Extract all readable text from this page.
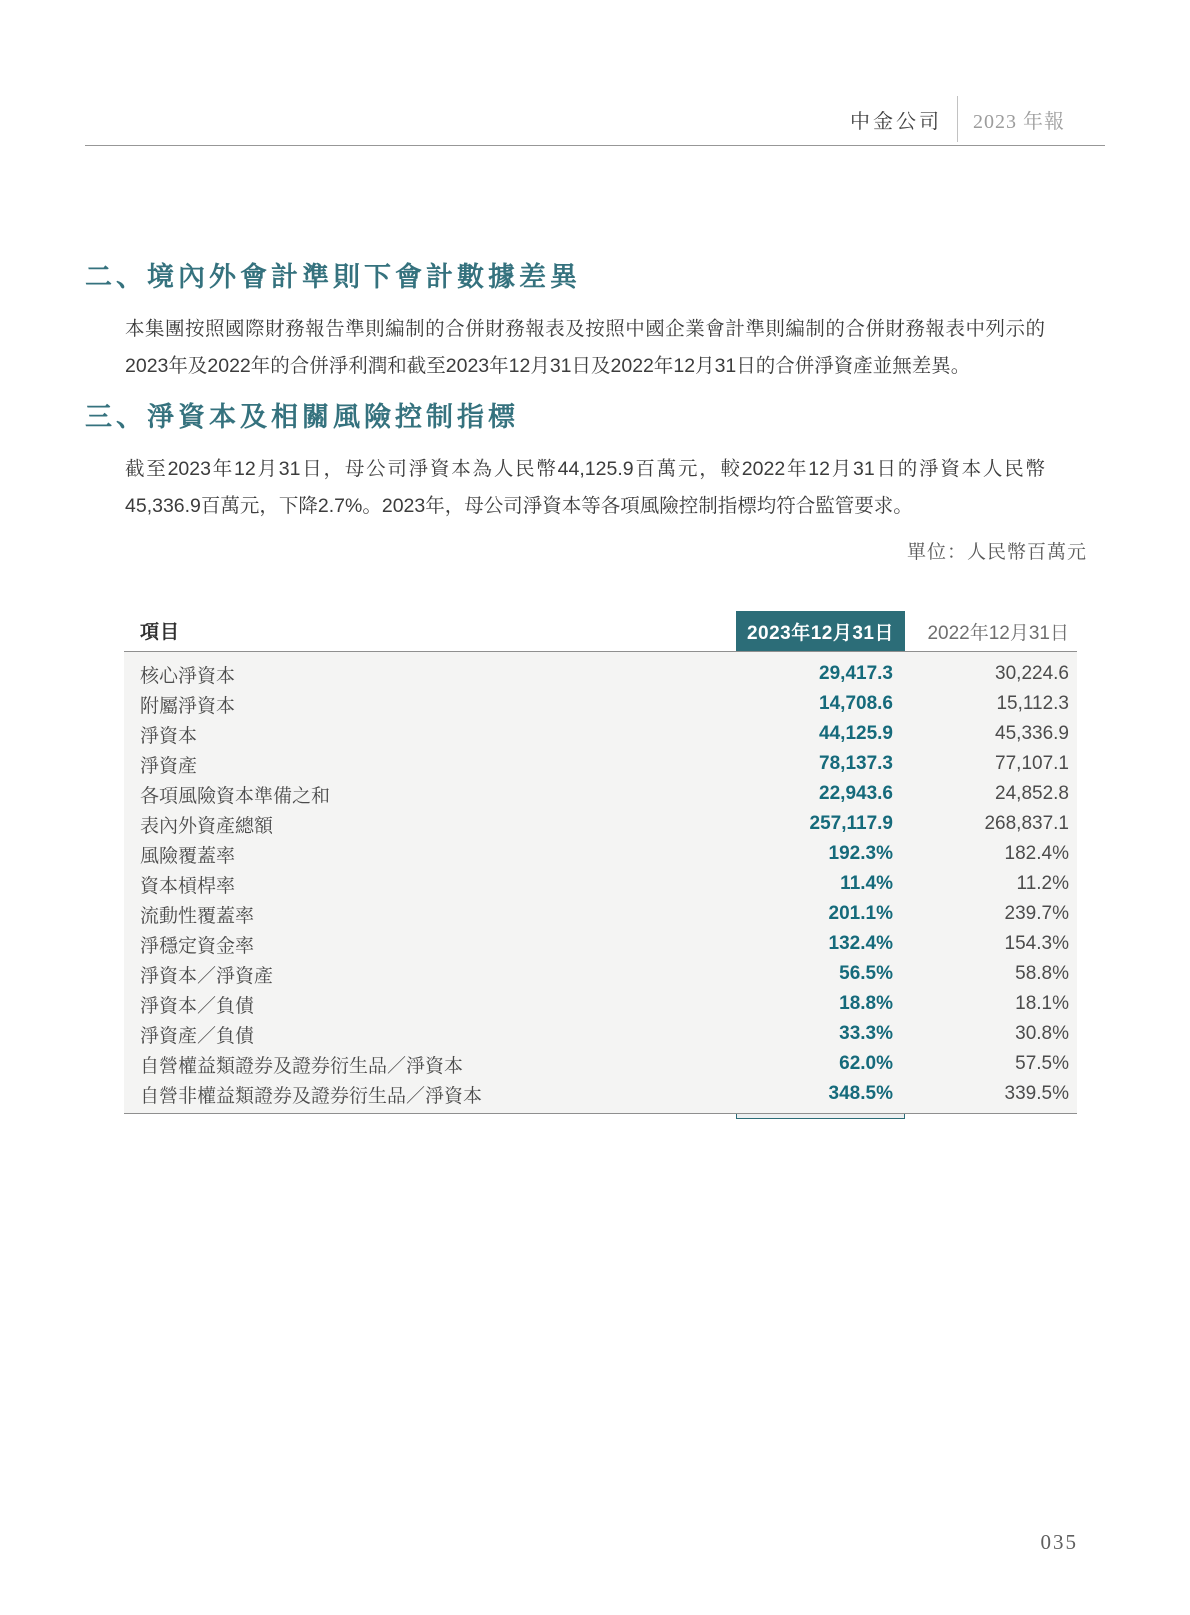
中金公司 2023 年報
二、境內外會計準則下會計數據差異

本集團按照國際財務報告準則編制的合併財務報表及按照中國企業會計準則編制的合併財務報表中列示的2023年及2022年的合併淨利潤和截至2023年12月31日及2022年12月31日的合併淨資產並無差異。

三、淨資本及相關風險控制指標

截至2023年12月31日，母公司淨資本為人民幣44,125.9百萬元，較2022年12月31日的淨資本人民幣45,336.9百萬元，下降2.7%。2023年，母公司淨資本等各項風險控制指標均符合監管要求。

單位：人民幣百萬元
項目	2023年12月31日	2022年12月31日
核心淨資本	29,417.3	30,224.6
附屬淨資本	14,708.6	15,112.3
淨資本	44,125.9	45,336.9
淨資產	78,137.3	77,107.1
各項風險資本準備之和	22,943.6	24,852.8
表內外資產總額	257,117.9	268,837.1
風險覆蓋率	192.3%	182.4%
資本槓桿率	11.4%	11.2%
流動性覆蓋率	201.1%	239.7%
淨穩定資金率	132.4%	154.3%
淨資本／淨資產	56.5%	58.8%
淨資本／負債	18.8%	18.1%
淨資產／負債	33.3%	30.8%
自營權益類證券及證券衍生品／淨資本	62.0%	57.5%
自營非權益類證券及證券衍生品／淨資本	348.5%	339.5%
035
